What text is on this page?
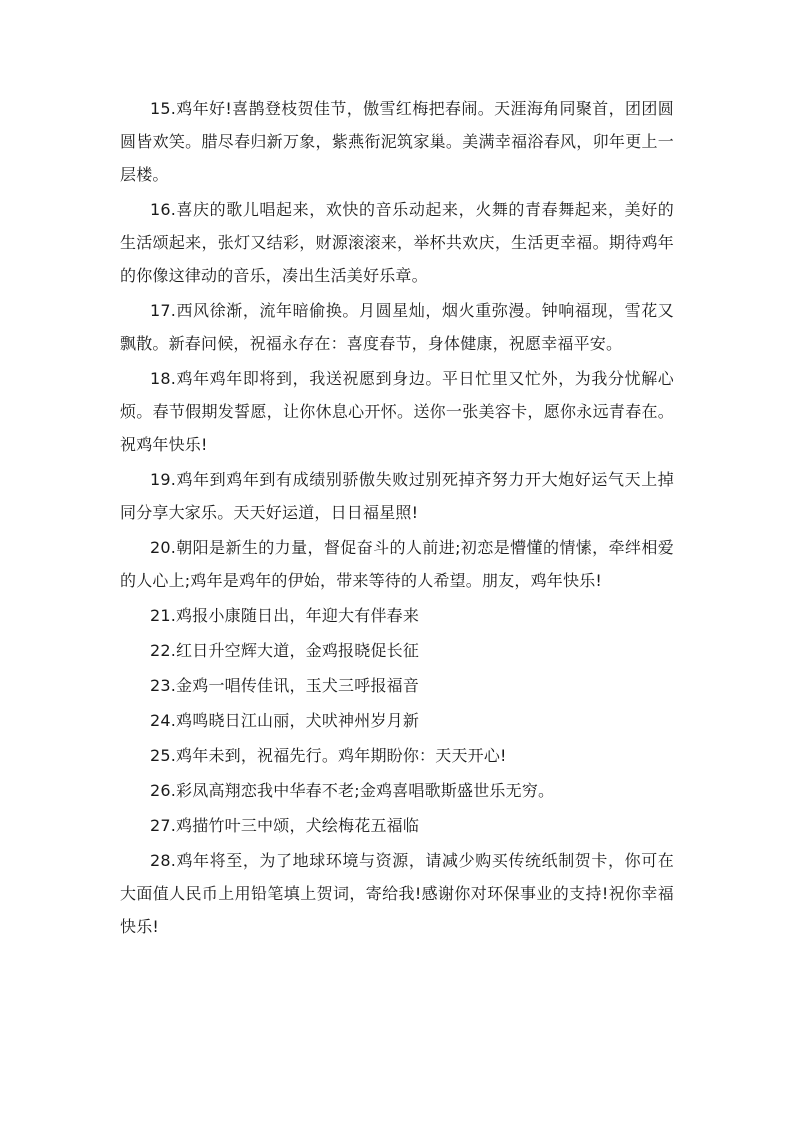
15.鸡年好!喜鹊登枝贺佳节，傲雪红梅把春闹。天涯海角同聚首，团团圆圆皆欢笑。腊尽春归新万象，紫燕衔泥筑家巢。美满幸福浴春风，卯年更上一层楼。

16.喜庆的歌儿唱起来，欢快的音乐动起来，火舞的青春舞起来，美好的生活颂起来，张灯又结彩，财源滚滚来，举杯共欢庆，生活更幸福。期待鸡年的你像这律动的音乐，凑出生活美好乐章。

17.西风徐渐，流年暗偷换。月圆星灿，烟火重弥漫。钟响福现，雪花又飘散。新春问候，祝福永存在：喜度春节，身体健康，祝愿幸福平安。

18.鸡年鸡年即将到，我送祝愿到身边。平日忙里又忙外，为我分忧解心烦。春节假期发誓愿，让你休息心开怀。送你一张美容卡，愿你永远青春在。祝鸡年快乐!

19.鸡年到鸡年到有成绩别骄傲失败过别死掉齐努力开大炮好运气天上掉同分享大家乐。天天好运道，日日福星照!

20.朝阳是新生的力量，督促奋斗的人前进;初恋是懵懂的情愫，牵绊相爱的人心上;鸡年是鸡年的伊始，带来等待的人希望。朋友，鸡年快乐!

21.鸡报小康随日出，年迎大有伴春来

22.红日升空辉大道，金鸡报晓促长征

23.金鸡一唱传佳讯，玉犬三呼报福音

24.鸡鸣晓日江山丽，犬吠神州岁月新

25.鸡年未到，祝福先行。鸡年期盼你：天天开心!

26.彩凤高翔恋我中华春不老;金鸡喜唱歌斯盛世乐无穷。

27.鸡描竹叶三中颂，犬绘梅花五福临

28.鸡年将至，为了地球环境与资源，请减少购买传统纸制贺卡，你可在大面值人民币上用铅笔填上贺词，寄给我!感谢你对环保事业的支持!祝你幸福快乐!
